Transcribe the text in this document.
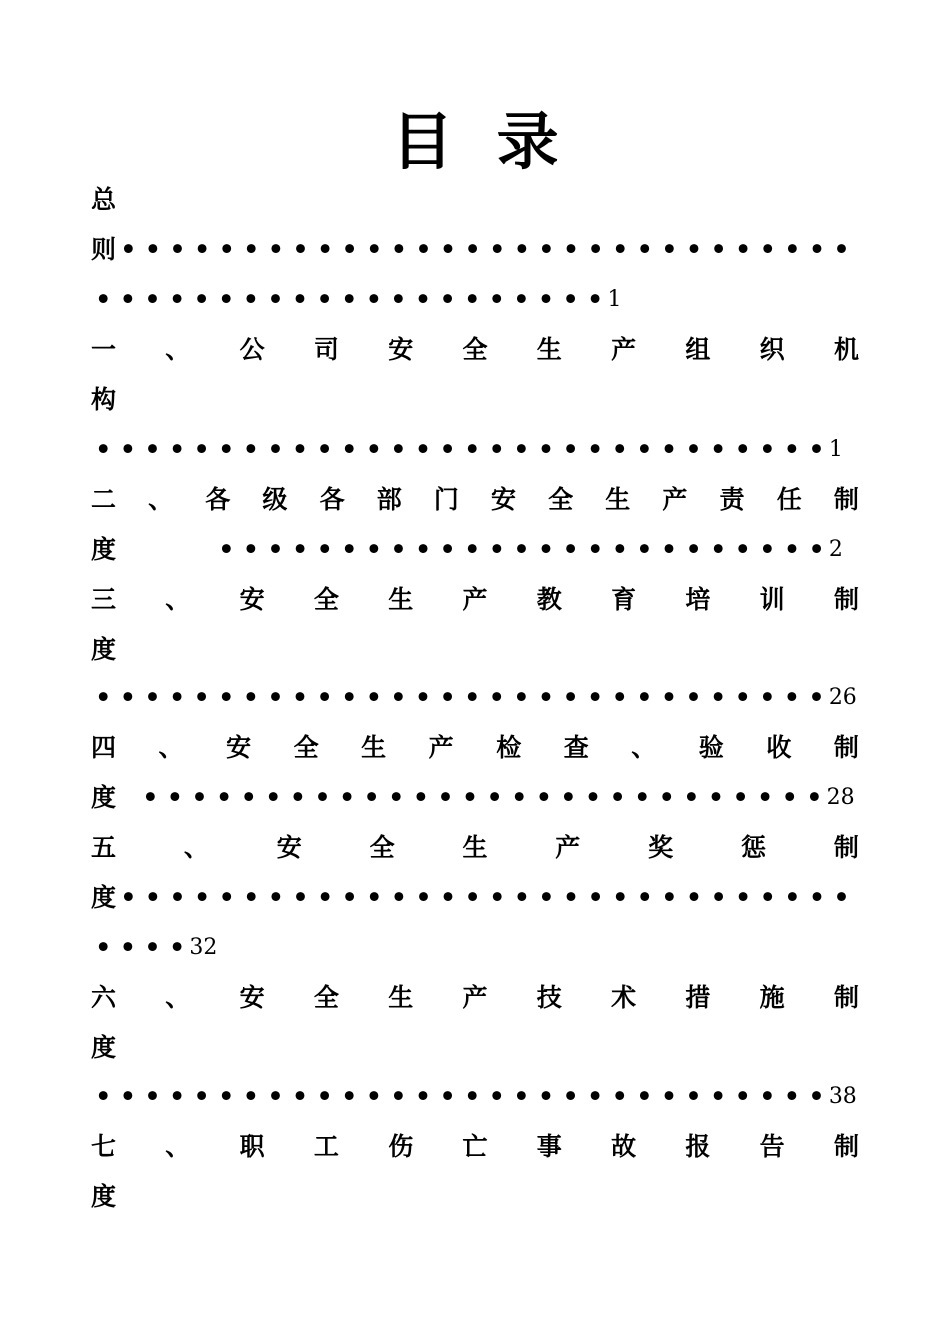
目  录
总
则 • • • • • • • • • • • • • • • • • • • • • • • • • • • • • •
• • • • • • • • • • • • • • • • • • • • • 1
一 、 公 司 安 全 生 产 组 织 机
构
• • • • • • • • • • • • • • • • • • • • • • • • • • • • • • 1
二 、 各 级 各 部 门 安 全 生 产 责 任 制
度	• • • • • • • • • • • • • • • • • • • • • • • • • 2
三 、 安 全 生 产 教 育 培 训 制
度
• • • • • • • • • • • • • • • • • • • • • • • • • • • • • • 26
四 、 安 全 生 产 检 查 、 验 收 制
度 • • • • • • • • • • • • • • • • • • • • • • • • • • • • 28
五	、	安	全	生	产	奖	惩	制
度 • • • • • • • • • • • • • • • • • • • • • • • • • • • • • •
• • • • 32
六 、 安 全 生 产 技 术 措 施 制
度
• • • • • • • • • • • • • • • • • • • • • • • • • • • • • • 38
七 、 职 工 伤 亡 事 故 报 告 制
度
